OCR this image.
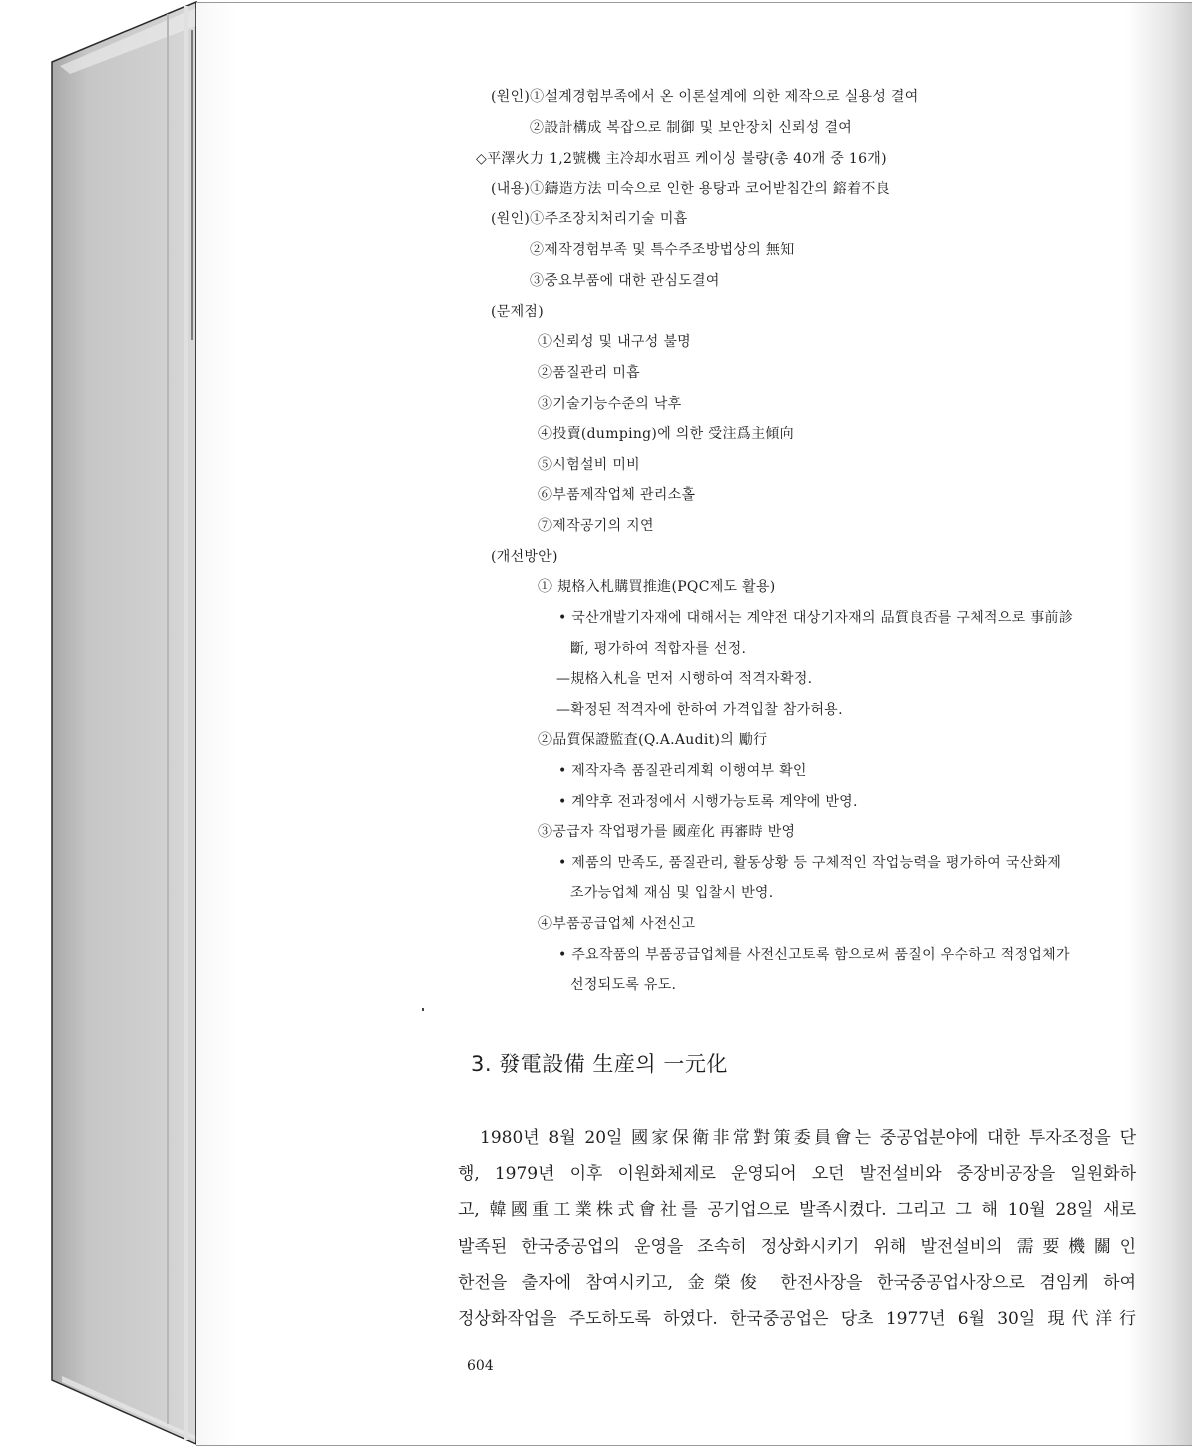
(원인)①설계경험부족에서 온 이론설계에 의한 제작으로 실용성 결여
②設計構成 복잡으로 制御 및 보안장치 신뢰성 결여
◇平澤火力 1,2號機 主冷却水펌프 케이싱 불량(총 40개 중 16개)
(내용)①鑄造方法 미숙으로 인한 용탕과 코어받침간의 鎔着不良
(원인)①주조장치처리기술 미흡
②제작경험부족 및 특수주조방법상의 無知
③중요부품에 대한 관심도결여
(문제점)
①신뢰성 및 내구성 불명
②품질관리 미흡
③기술기능수준의 낙후
④投賣(dumping)에 의한 受注爲主傾向
⑤시험설비 미비
⑥부품제작업체 관리소홀
⑦제작공기의 지연
(개선방안)
① 規格入札購買推進(PQC제도 활용)
• 국산개발기자재에 대해서는 계약전 대상기자재의 品質良否를 구체적으로 事前診
斷, 평가하여 적합자를 선정.
—規格入札을 먼저 시행하여 적격자확정.
—확정된 적격자에 한하여 가격입찰 참가허용.
②品質保證監査(Q.A.Audit)의 勵行
• 제작자측 품질관리계획 이행여부 확인
• 계약후 전과정에서 시행가능토록 계약에 반영.
③공급자 작업평가를 國産化 再審時 반영
• 제품의 만족도, 품질관리, 활동상황 등 구체적인 작업능력을 평가하여 국산화제
조가능업체 재심 및 입찰시 반영.
④부품공급업체 사전신고
• 주요작품의 부품공급업체를 사전신고토록 함으로써 품질이 우수하고 적정업체가
선정되도록 유도.
3. 發電設備 生産의 一元化
1980년 8월 20일 國家保衛非常對策委員會는 중공업분야에 대한 투자조정을 단
행, 1979년 이후 이원화체제로 운영되어 오던 발전설비와 중장비공장을 일원화하
고, 韓國重工業株式會社를 공기업으로 발족시켰다. 그리고 그 해 10월 28일 새로
발족된 한국중공업의 운영을 조속히 정상화시키기 위해 발전설비의 需要機關인
한전을 출자에 참여시키고, 金榮俊 한전사장을 한국중공업사장으로 겸임케 하여
정상화작업을 주도하도록 하였다. 한국중공업은 당초 1977년 6월 30일 現代洋行
604
